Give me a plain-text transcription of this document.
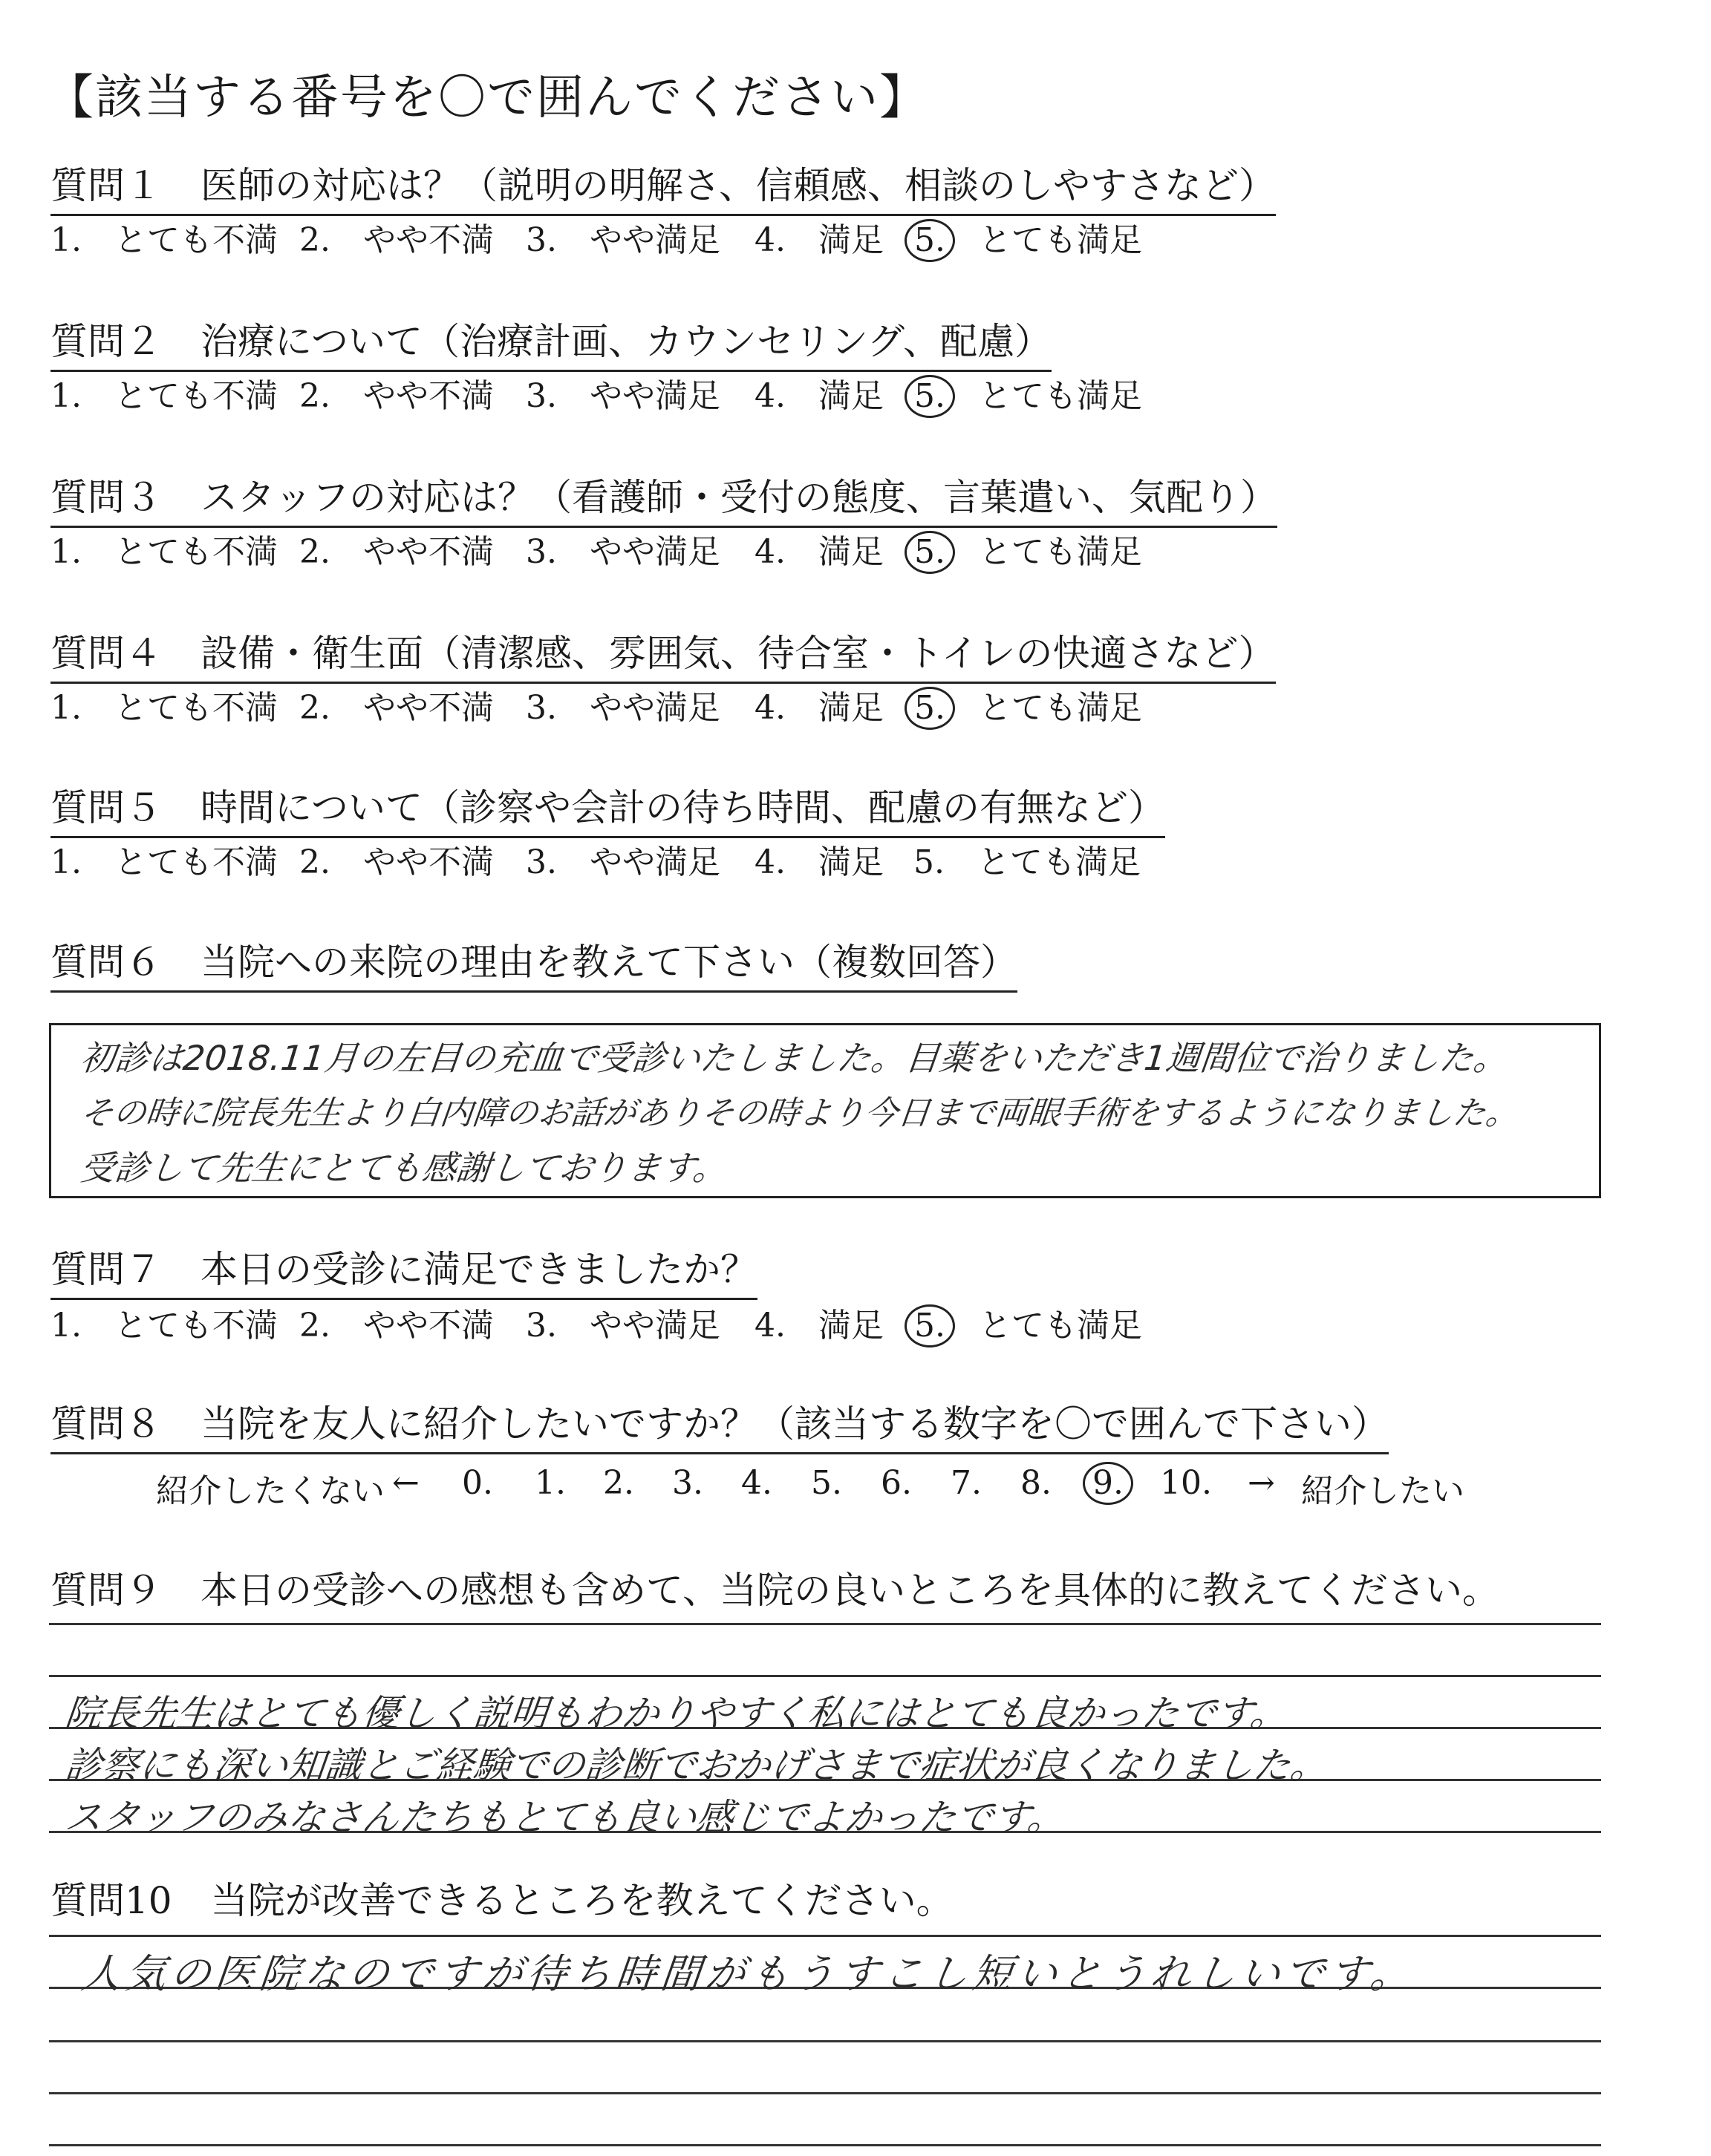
【該当する番号を〇で囲んでください】
質問１ 医師の対応は？（説明の明解さ、信頼感、相談のしやすさなど）
1.　 とても不満 2.　 やや不満 3.　 やや満足 4.　 満足 5.　 とても満足
質問２ 治療について（治療計画、カウンセリング、配慮）
1.　 とても不満 2.　 やや不満 3.　 やや満足 4.　 満足 5.　 とても満足
質問３ スタッフの対応は？（看護師・受付の態度、言葉遣い、気配り）
1.　 とても不満 2.　 やや不満 3.　 やや満足 4.　 満足 5.　 とても満足
質問４ 設備・衛生面（清潔感、雰囲気、待合室・トイレの快適さなど）
1.　 とても不満 2.　 やや不満 3.　 やや満足 4.　 満足 5.　 とても満足
質問５ 時間について（診察や会計の待ち時間、配慮の有無など）
1.　 とても不満 2.　 やや不満 3.　 やや満足 4.　 満足 5.　 とても満足
質問６ 当院への来院の理由を教えて下さい（複数回答）
初診は2018.11月の左目の充血で受診いたしました。目薬をいただき1週間位で治りました。
その時に院長先生より白内障のお話がありその時より今日まで両眼手術をするようになりました。
受診して先生にとても感謝しております。
質問７ 本日の受診に満足できましたか？
1.　 とても不満 2.　 やや不満 3.　 やや満足 4.　 満足 5.　 とても満足
質問８ 当院を友人に紹介したいですか？（該当する数字を〇で囲んで下さい）
紹介したくない ← 0. 1. 2. 3. 4. 5. 6. 7. 8. 9. 10. → 紹介したい
質問９ 本日の受診への感想も含めて、当院の良いところを具体的に教えてください。
院長先生はとても優しく説明もわかりやすく私にはとても良かったです。
診察にも深い知識とご経験での診断でおかげさまで症状が良くなりました。
スタッフのみなさんたちもとても良い感じでよかったです。
質問10 当院が改善できるところを教えてください。
人気の医院なのですが待ち時間がもうすこし短いとうれしいです。
